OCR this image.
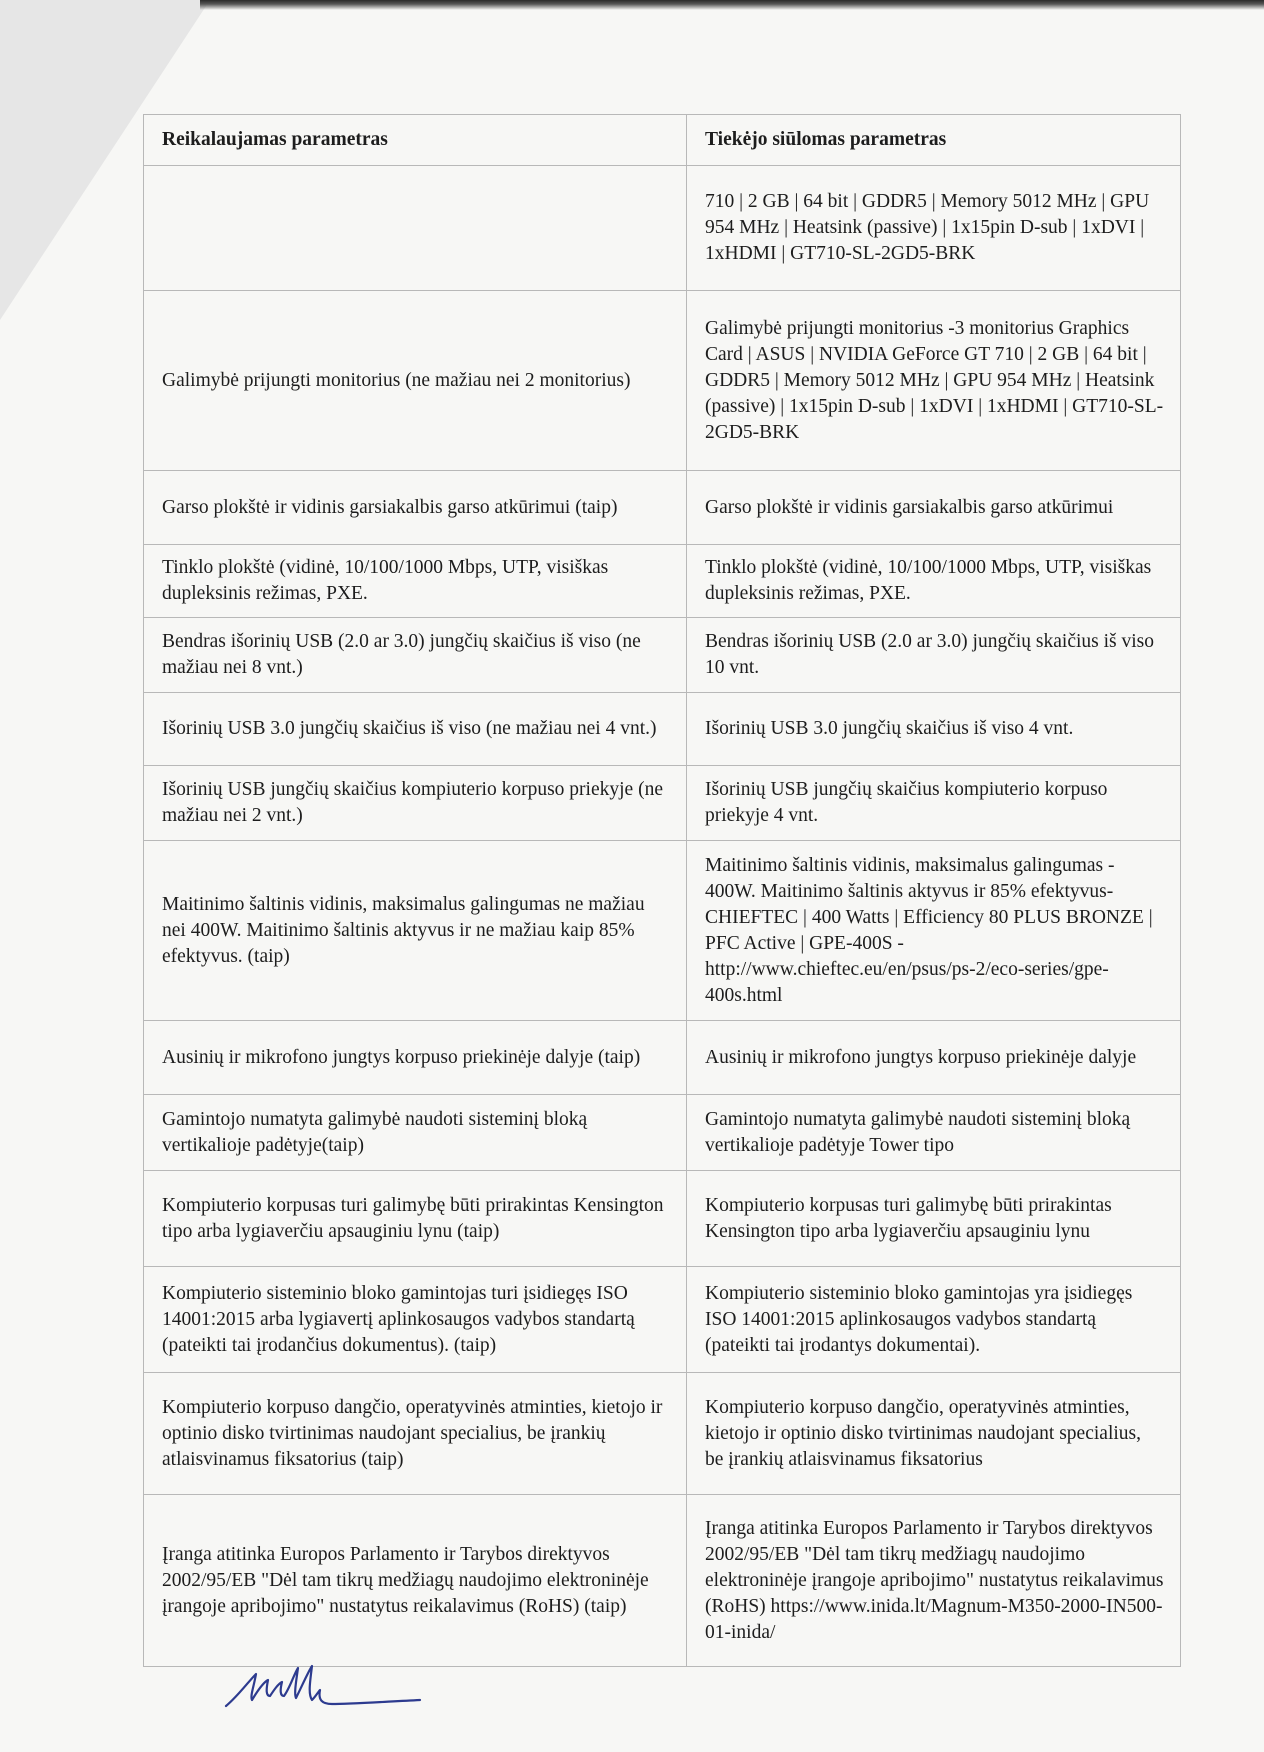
Reikalaujamas parametras	Tiekėjo siūlomas parametras
	710 | 2 GB | 64 bit | GDDR5 | Memory 5012 MHz | GPU 954 MHz | Heatsink (passive) | 1x15pin D-sub | 1xDVI | 1xHDMI | GT710-SL-2GD5-BRK
Galimybė prijungti monitorius (ne mažiau nei 2 monitorius)	Galimybė prijungti monitorius -3 monitorius Graphics Card | ASUS | NVIDIA GeForce GT 710 | 2 GB | 64 bit | GDDR5 | Memory 5012 MHz | GPU 954 MHz | Heatsink (passive) | 1x15pin D-sub | 1xDVI | 1xHDMI | GT710-SL-2GD5-BRK
Garso plokštė ir vidinis garsiakalbis garso atkūrimui (taip)	Garso plokštė ir vidinis garsiakalbis garso atkūrimui
Tinklo plokštė (vidinė, 10/100/1000 Mbps, UTP, visiškas dupleksinis režimas, PXE.	Tinklo plokštė (vidinė, 10/100/1000 Mbps, UTP, visiškas dupleksinis režimas, PXE.
Bendras išorinių USB (2.0 ar 3.0) jungčių skaičius iš viso (ne mažiau nei 8 vnt.)	Bendras išorinių USB (2.0 ar 3.0) jungčių skaičius iš viso 10 vnt.
Išorinių USB 3.0 jungčių skaičius iš viso (ne mažiau nei 4 vnt.)	Išorinių USB 3.0 jungčių skaičius iš viso 4 vnt.
Išorinių USB jungčių skaičius kompiuterio korpuso priekyje (ne mažiau nei 2 vnt.)	Išorinių USB jungčių skaičius kompiuterio korpuso priekyje 4 vnt.
Maitinimo šaltinis vidinis, maksimalus galingumas ne mažiau nei 400W. Maitinimo šaltinis aktyvus ir ne mažiau kaip 85% efektyvus. (taip)	Maitinimo šaltinis vidinis, maksimalus galingumas - 400W. Maitinimo šaltinis aktyvus ir 85% efektyvus- CHIEFTEC | 400 Watts | Efficiency 80 PLUS BRONZE | PFC Active | GPE-400S - http://www.chieftec.eu/en/psus/ps-2/eco-series/gpe-400s.html
Ausinių ir mikrofono jungtys korpuso priekinėje dalyje (taip)	Ausinių ir mikrofono jungtys korpuso priekinėje dalyje
Gamintojo numatyta galimybė naudoti sisteminį bloką vertikalioje padėtyje(taip)	Gamintojo numatyta galimybė naudoti sisteminį bloką vertikalioje padėtyje Tower tipo
Kompiuterio korpusas turi galimybę būti prirakintas Kensington tipo arba lygiaverčiu apsauginiu lynu (taip)	Kompiuterio korpusas turi galimybę būti prirakintas Kensington tipo arba lygiaverčiu apsauginiu lynu
Kompiuterio sisteminio bloko gamintojas turi įsidiegęs ISO 14001:2015 arba lygiavertį aplinkosaugos vadybos standartą (pateikti tai įrodančius dokumentus). (taip)	Kompiuterio sisteminio bloko gamintojas yra įsidiegęs ISO 14001:2015 aplinkosaugos vadybos standartą (pateikti tai įrodantys dokumentai).
Kompiuterio korpuso dangčio, operatyvinės atminties, kietojo ir optinio disko tvirtinimas naudojant specialius, be įrankių atlaisvinamus fiksatorius (taip)	Kompiuterio korpuso dangčio, operatyvinės atminties, kietojo ir optinio disko tvirtinimas naudojant specialius, be įrankių atlaisvinamus fiksatorius
Įranga atitinka Europos Parlamento ir Tarybos direktyvos 2002/95/EB "Dėl tam tikrų medžiagų naudojimo elektroninėje įrangoje apribojimo" nustatytus reikalavimus (RoHS) (taip)	Įranga atitinka Europos Parlamento ir Tarybos direktyvos 2002/95/EB "Dėl tam tikrų medžiagų naudojimo elektroninėje įrangoje apribojimo" nustatytus reikalavimus (RoHS) https://www.inida.lt/Magnum-M350-2000-IN500-01-inida/
